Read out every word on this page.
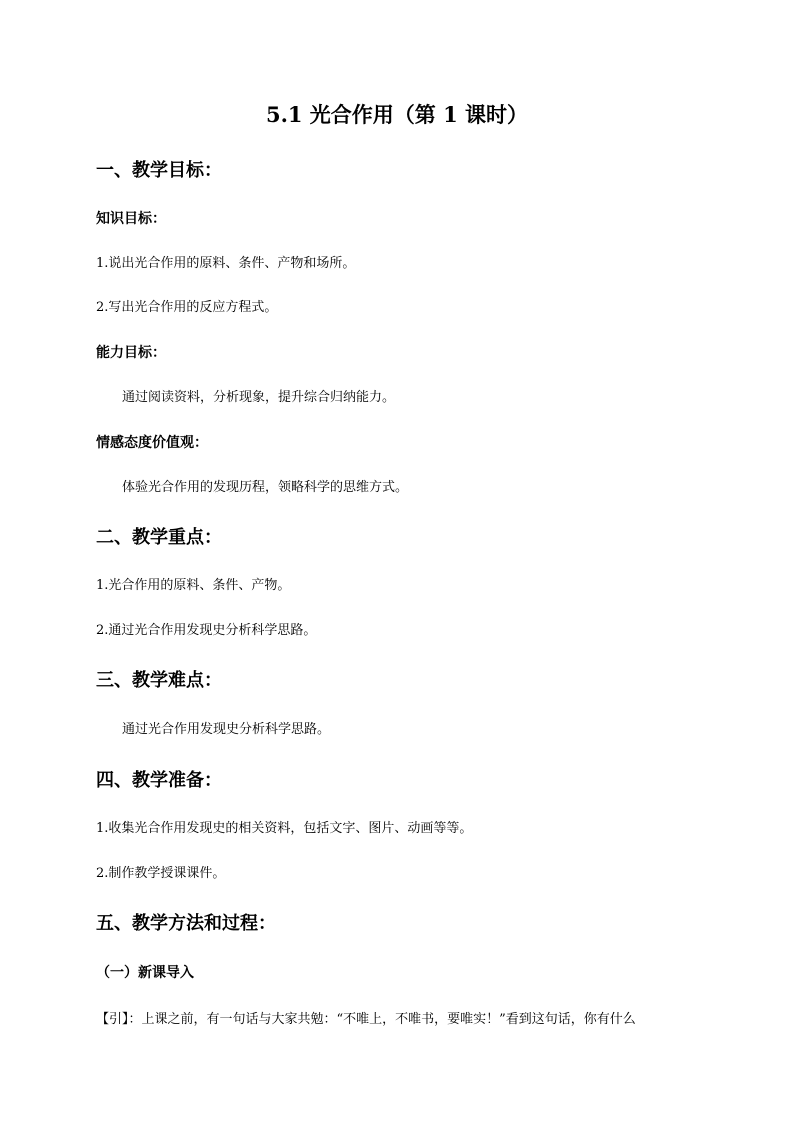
5.1 光合作用（第 1 课时）
一、教学目标：
知识目标：
1.说出光合作用的原料、条件、产物和场所。
2.写出光合作用的反应方程式。
能力目标：
通过阅读资料，分析现象，提升综合归纳能力。
情感态度价值观：
体验光合作用的发现历程，领略科学的思维方式。
二、教学重点：
1.光合作用的原料、条件、产物。
2.通过光合作用发现史分析科学思路。
三、教学难点：
通过光合作用发现史分析科学思路。
四、教学准备：
1.收集光合作用发现史的相关资料，包括文字、图片、动画等等。
2.制作教学授课课件。
五、教学方法和过程：
（一）新课导入
【引】：上课之前，有一句话与大家共勉：“不唯上，不唯书，要唯实！”看到这句话，你有什么
